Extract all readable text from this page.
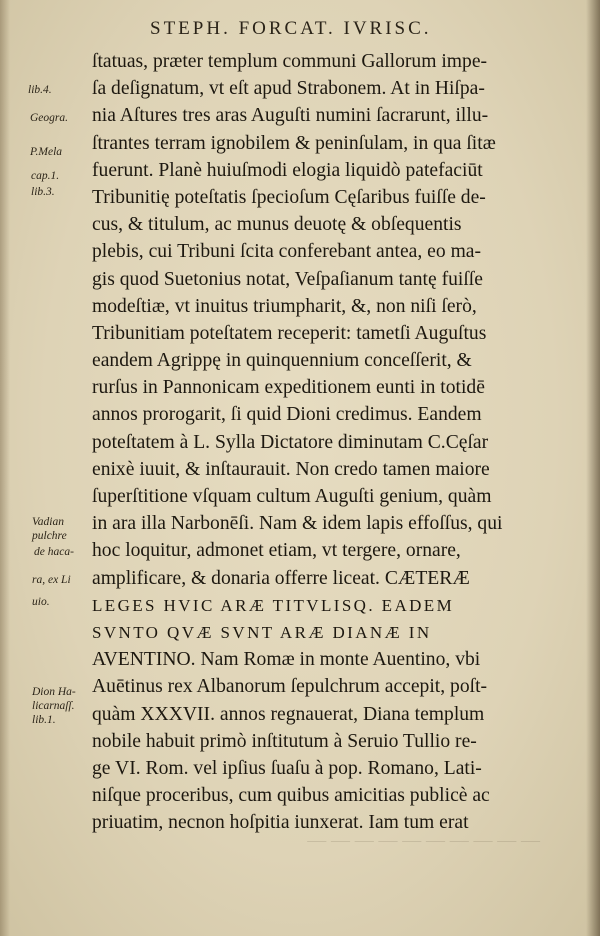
STEPH. FORCAT. IVRISC.
ſtatuas, præter templum communi Gallorum impe-
ſa deſignatum, vt eſt apud Strabonem. At in Hiſpa-
nia Aſtures tres aras Auguſti numini ſacrarunt, illu-
ſtrantes terram ignobilem & peninſulam, in qua ſitæ
fuerunt. Planè huiuſmodi elogia liquidò patefaciūt
Tribunitię poteſtatis ſpecioſum Cęſaribus fuiſſe de-
cus, & titulum, ac munus deuotę & obſequentis
plebis, cui Tribuni ſcita conferebant antea, eo ma-
gis quod Suetonius notat, Veſpaſianum tantę fuiſſe
modeſtiæ, vt inuitus triumpharit, &, non niſi ſerò,
Tribunitiam poteſtatem receperit: tametſi Auguſtus
eandem Agrippę in quinquennium conceſſerit, &
rurſus in Pannonicam expeditionem eunti in totidē
annos prorogarit, ſi quid Dioni credimus. Eandem
poteſtatem à L. Sylla Dictatore diminutam C.Cęſar
enixè iuuit, & inſtaurauit. Non credo tamen maiore
ſuperſtitione vſquam cultum Auguſti genium, quàm
in ara illa Narbonēſi. Nam & idem lapis effoſſus, qui
hoc loquitur, admonet etiam, vt tergere, ornare,
amplificare, & donaria offerre liceat. CÆTERÆ
LEGES HVIC ARÆ TITVLISQ. EADEM
SVNTO QVÆ SVNT ARÆ DIANÆ IN
AVENTINO. Nam Romæ in monte Auentino, vbi
Auētinus rex Albanorum ſepulchrum accepit, poſt-
quàm XXXVII. annos regnauerat, Diana templum
nobile habuit primò inſtitutum à Seruio Tullio re-
ge VI. Rom. vel ipſius ſuaſu à pop. Romano, Lati-
niſque proceribus, cum quibus amicitias publicè ac
priuatim, necnon hoſpitia iunxerat. Iam tum erat
lib.4.
Geogra.
P.Mela
cap.1.
lib.3.
Vadian
pulchre
de haca-
ra, ex Li
uio.
Dion Ha-
licarnaſſ.
lib.1.
— — — — — — — — — —
